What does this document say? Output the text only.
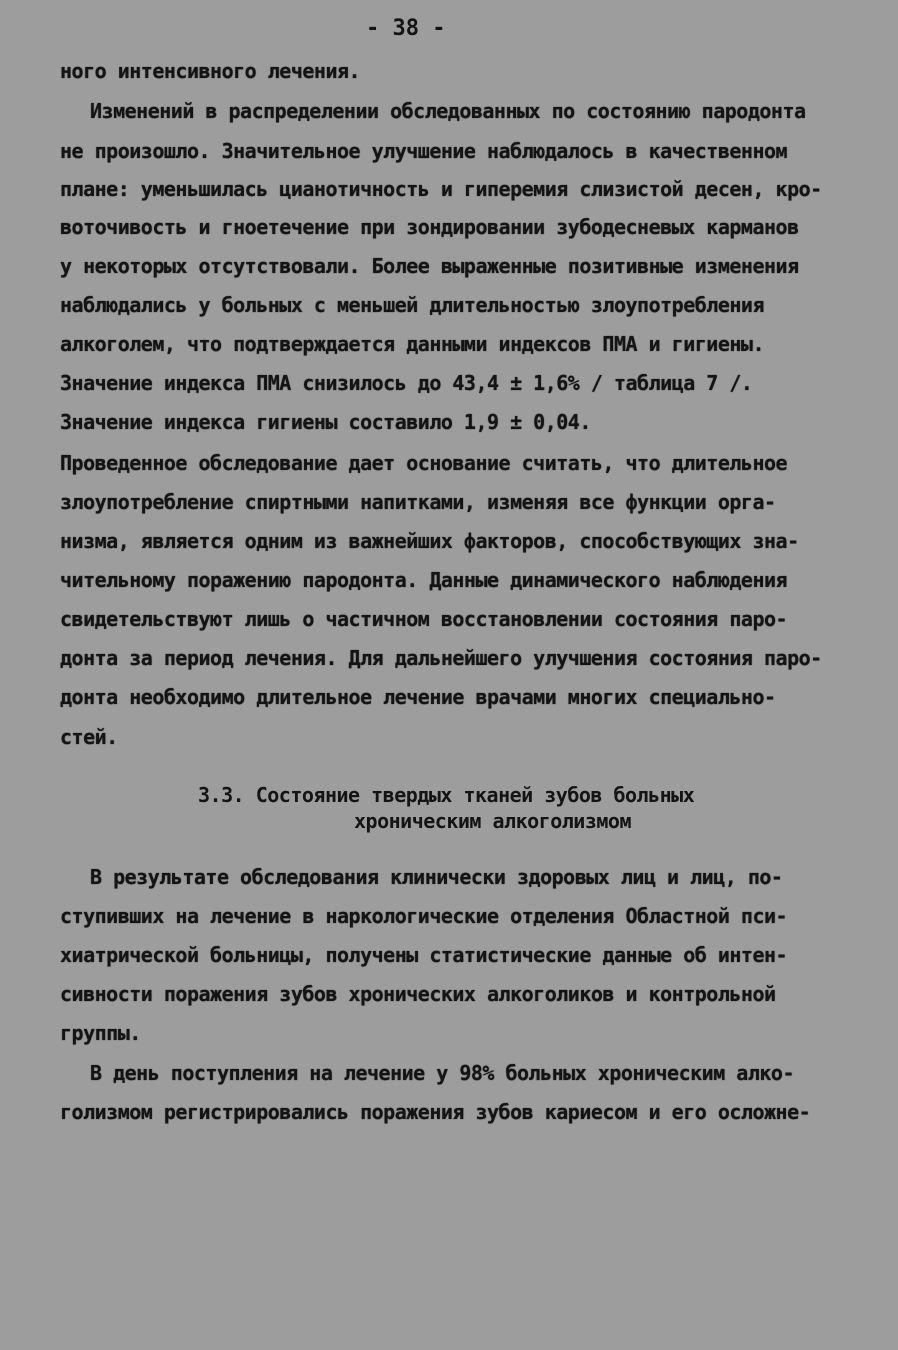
- 38 -
ного интенсивного лечения.
Изменений в распределении обследованных по состоянию пародонта
не произошло. Значительное улучшение наблюдалось в качественном
плане: уменьшилась цианотичность и гиперемия слизистой десен, кро-
воточивость и гноетечение при зондировании зубодесневых карманов
у некоторых отсутствовали. Более выраженные позитивные изменения
наблюдались у больных с меньшей длительностью злоупотребления
алкоголем, что подтверждается данными индексов ПМА и гигиены.
Значение индекса ПМА снизилось до 43,4 ± 1,6% / таблица 7 /.
Значение индекса гигиены составило 1,9 ± 0,04.
Проведенное обследование дает основание считать, что длительное
злоупотребление спиртными напитками, изменяя все функции орга-
низма, является одним из важнейших факторов, способствующих зна-
чительному поражению пародонта. Данные динамического наблюдения
свидетельствуют лишь о частичном восстановлении состояния паро-
донта за период лечения. Для дальнейшего улучшения состояния паро-
донта необходимо длительное лечение врачами многих специально-
стей.
3.3. Состояние твердых тканей зубов больных
хроническим алкоголизмом
В результате обследования клинически здоровых лиц и лиц, по-
ступивших на лечение в наркологические отделения Областной пси-
хиатрической больницы, получены статистические данные об интен-
сивности поражения зубов хронических алкоголиков и контрольной
группы.
В день поступления на лечение у 98% больных хроническим алко-
голизмом регистрировались поражения зубов кариесом и его осложне-
